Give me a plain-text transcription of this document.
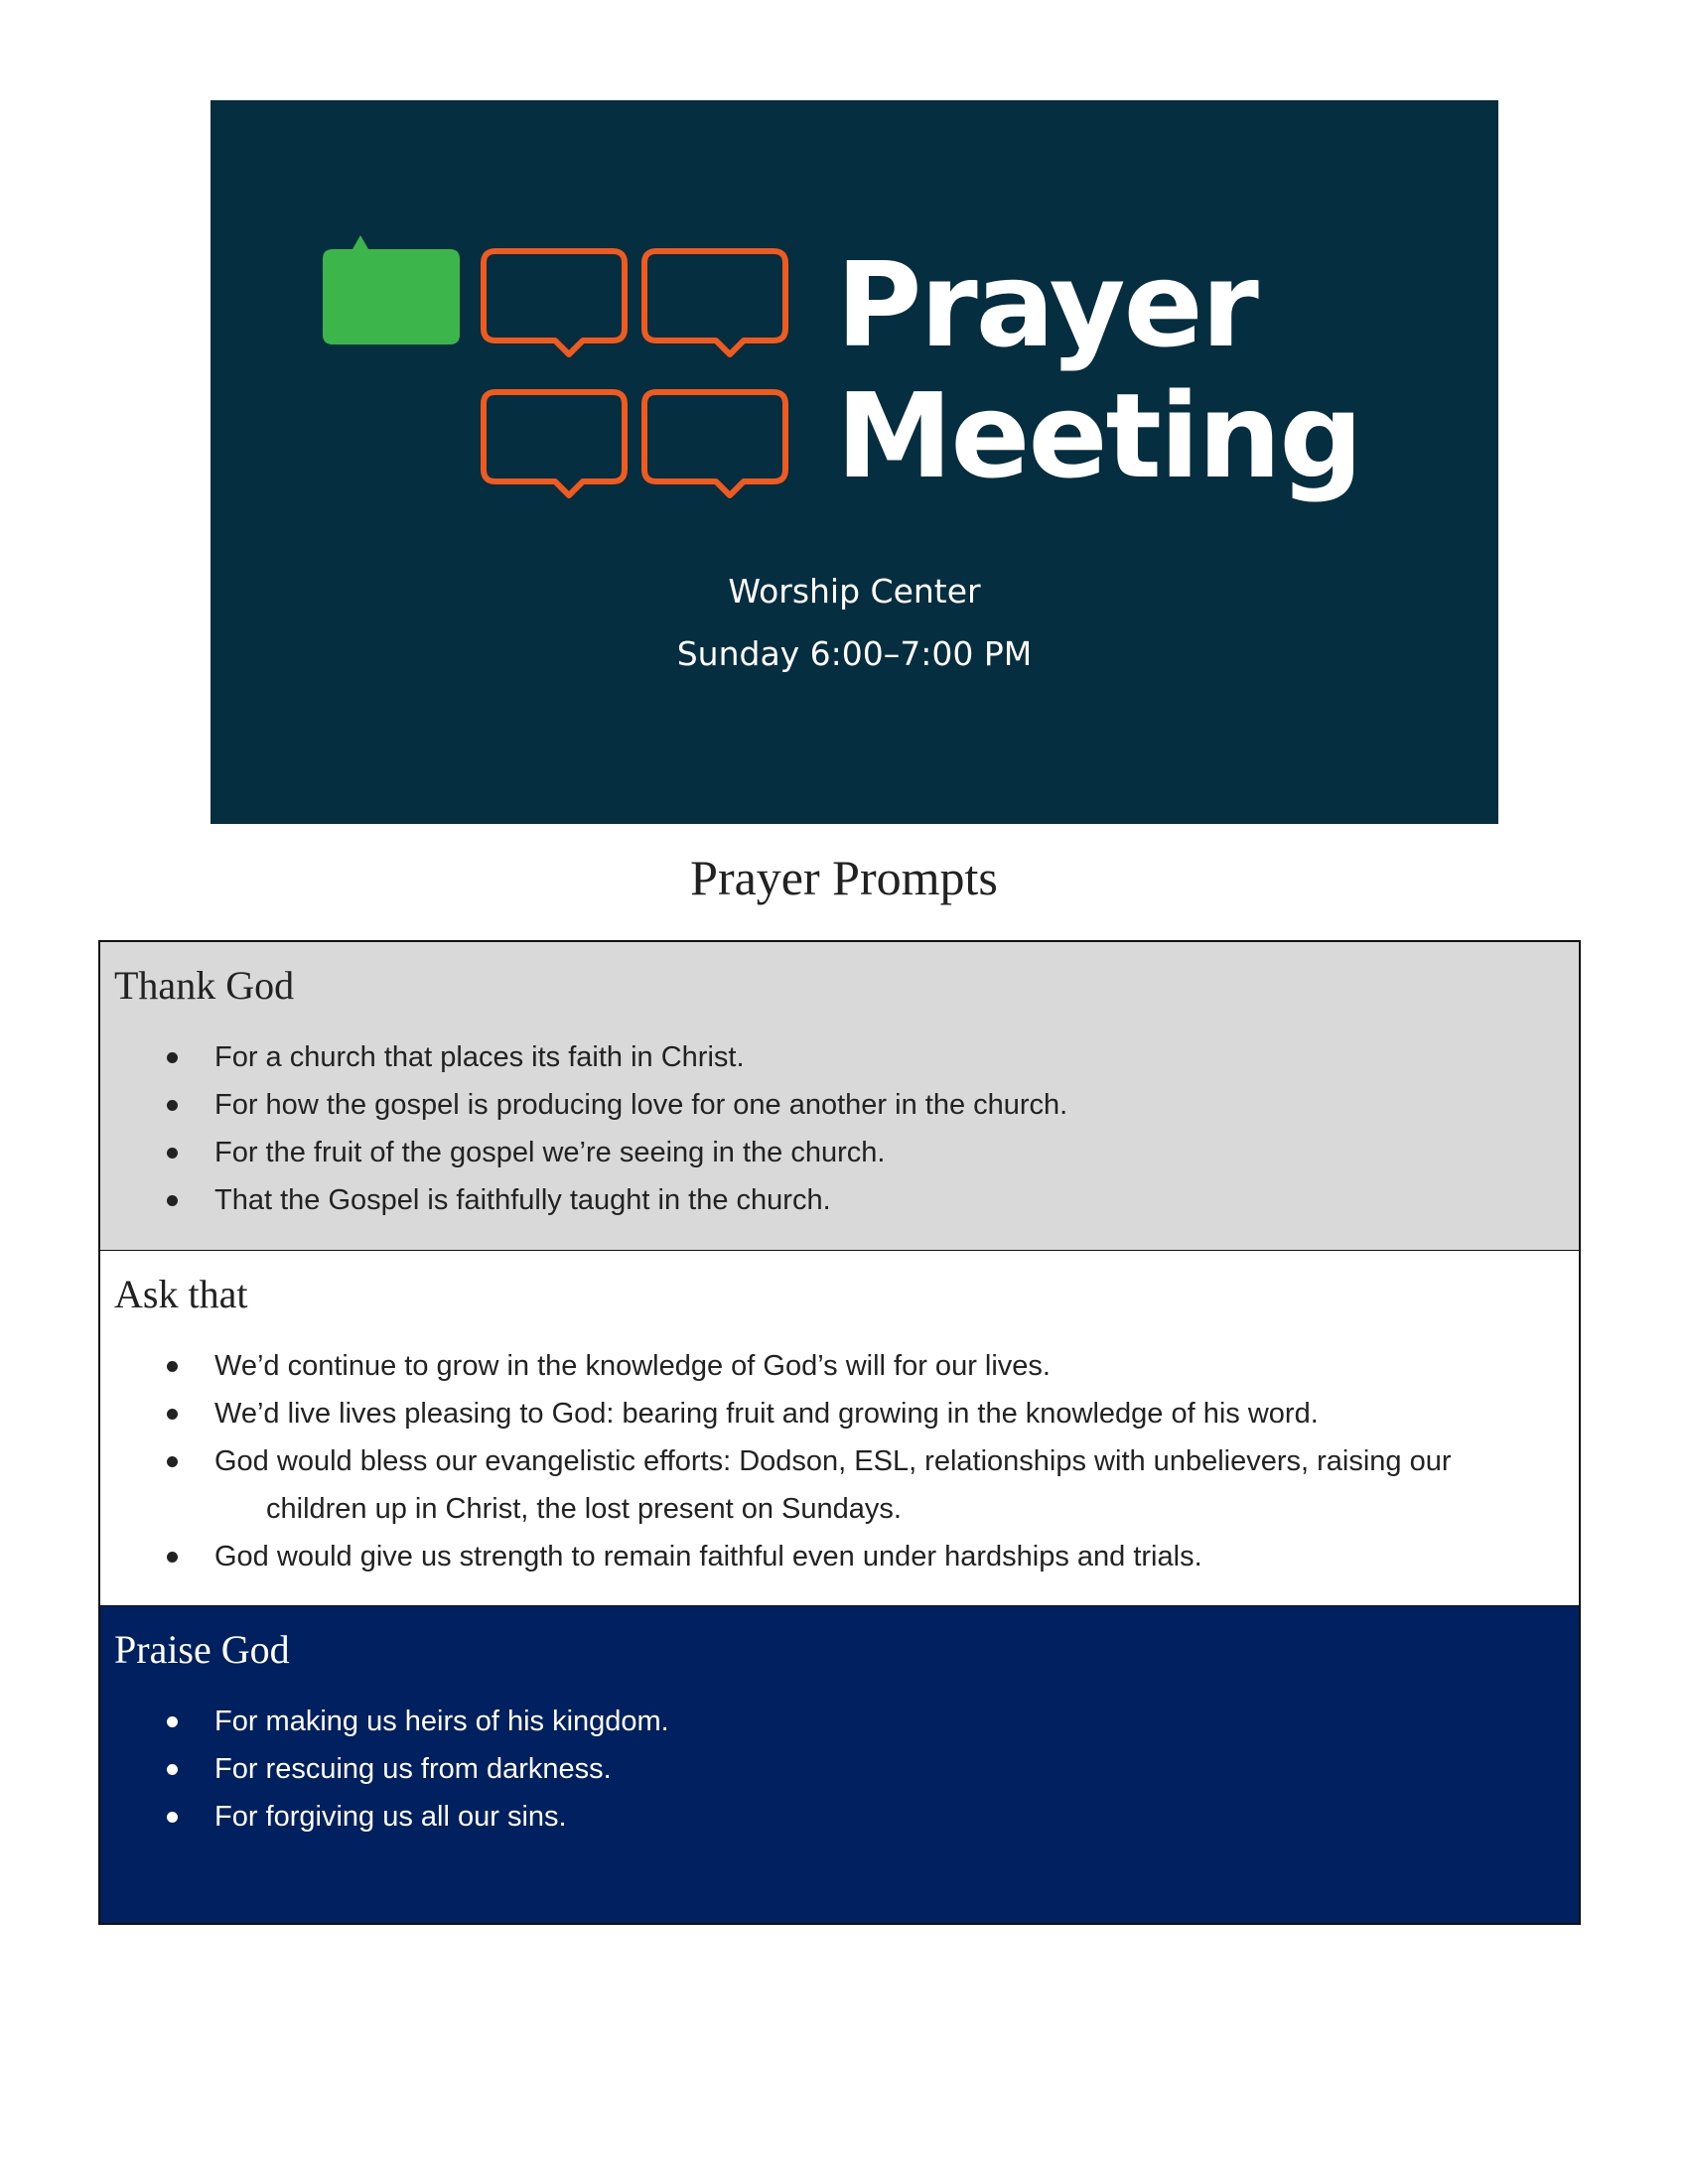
Prayer
Meeting
Worship Center
Sunday 6:00–7:00 PM
Prayer Prompts
Thank God
For a church that places its faith in Christ.
For how the gospel is producing love for one another in the church.
For the fruit of the gospel we’re seeing in the church.
That the Gospel is faithfully taught in the church.
Ask that
We’d continue to grow in the knowledge of God’s will for our lives.
We’d live lives pleasing to God: bearing fruit and growing in the knowledge of his word.
God would bless our evangelistic efforts: Dodson, ESL, relationships with unbelievers, raising our
children up in Christ, the lost present on Sundays.
God would give us strength to remain faithful even under hardships and trials.
Praise God
For making us heirs of his kingdom.
For rescuing us from darkness.
For forgiving us all our sins.
